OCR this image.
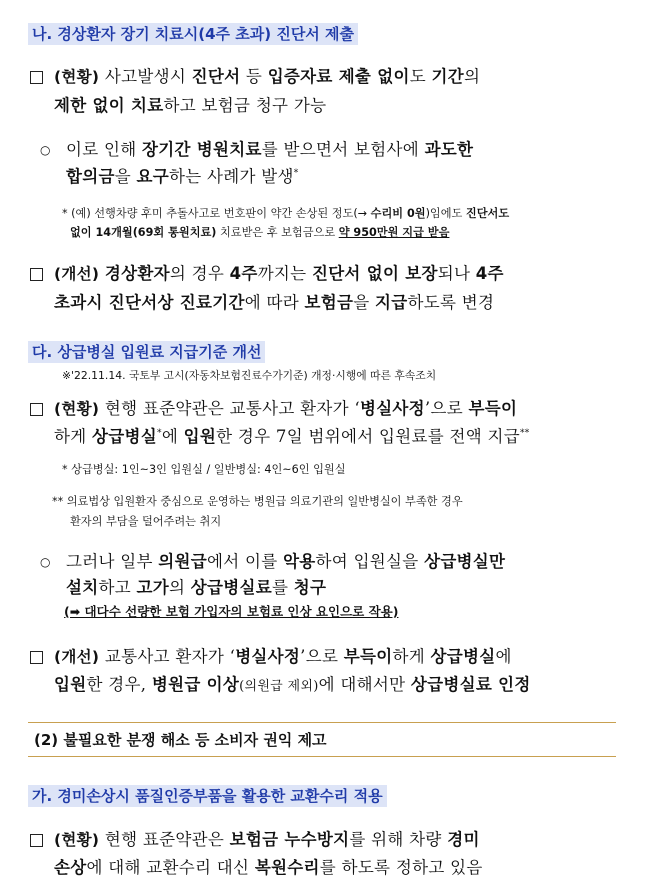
나. 경상환자 장기 치료시(4주 초과) 진단서 제출
(현황) 사고발생시 진단서 등 입증자료 제출 없이도 기간의
제한 없이 치료하고 보험금 청구 가능
○ 이로 인해 장기간 병원치료를 받으면서 보험사에 과도한
합의금을 요구하는 사례가 발생*
* (예) 선행차량 후미 추돌사고로 번호판이 약간 손상된 정도(→ 수리비 0원)임에도 진단서도
없이 14개월(69회 통원치료) 치료받은 후 보험금으로 약 950만원 지급 받음
(개선) 경상환자의 경우 4주까지는 진단서 없이 보장되나 4주
초과시 진단서상 진료기간에 따라 보험금을 지급하도록 변경
다. 상급병실 입원료 지급기준 개선
※'22.11.14. 국토부 고시(자동차보험진료수가기준) 개정·시행에 따른 후속조치
(현황) 현행 표준약관은 교통사고 환자가 ‘병실사정’으로 부득이
하게 상급병실*에 입원한 경우 7일 범위에서 입원료를 전액 지급**
* 상급병실: 1인~3인 입원실 / 일반병실: 4인~6인 입원실
** 의료법상 입원환자 중심으로 운영하는 병원급 의료기관의 일반병실이 부족한 경우
환자의 부담을 덜어주려는 취지
○ 그러나 일부 의원급에서 이를 악용하여 입원실을 상급병실만
설치하고 고가의 상급병실료를 청구
(➡ 대다수 선량한 보험 가입자의 보험료 인상 요인으로 작용)
(개선) 교통사고 환자가 ‘병실사정’으로 부득이하게 상급병실에
입원한 경우, 병원급 이상(의원급 제외)에 대해서만 상급병실료 인정
(2) 불필요한 분쟁 해소 등 소비자 권익 제고
가. 경미손상시 품질인증부품을 활용한 교환수리 적용
(현황) 현행 표준약관은 보험금 누수방지를 위해 차량 경미
손상에 대해 교환수리 대신 복원수리를 하도록 정하고 있음
